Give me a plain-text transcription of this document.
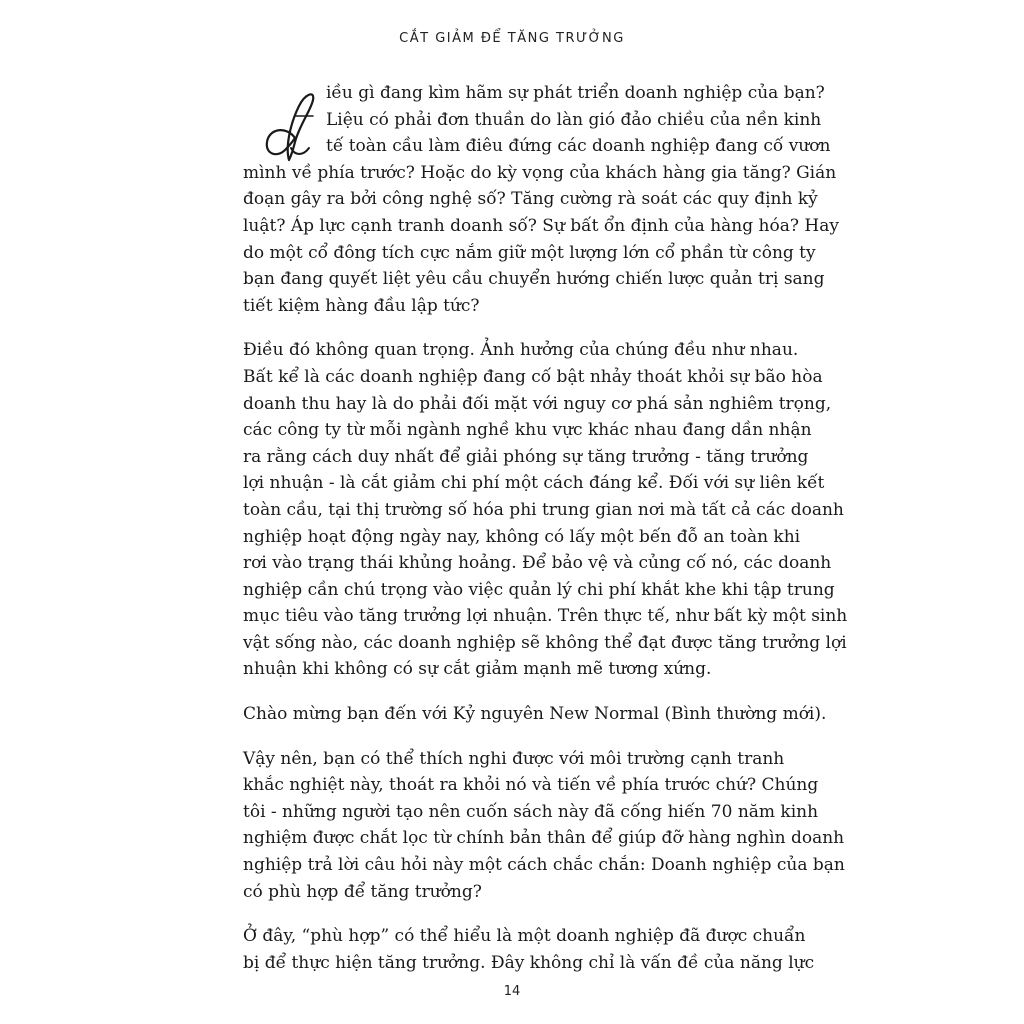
CẮT GIẢM ĐỂ TĂNG TRƯỞNG
iều gì đang kìm hãm sự phát triển doanh nghiệp của bạn?
Liệu có phải đơn thuần do làn gió đảo chiều của nền kinh
tế toàn cầu làm điêu đứng các doanh nghiệp đang cố vươn
mình về phía trước? Hoặc do kỳ vọng của khách hàng gia tăng? Gián
đoạn gây ra bởi công nghệ số? Tăng cường rà soát các quy định kỷ
luật? Áp lực cạnh tranh doanh số? Sự bất ổn định của hàng hóa? Hay
do một cổ đông tích cực nắm giữ một lượng lớn cổ phần từ công ty
bạn đang quyết liệt yêu cầu chuyển hướng chiến lược quản trị sang
tiết kiệm hàng đầu lập tức?
Điều đó không quan trọng. Ảnh hưởng của chúng đều như nhau.
Bất kể là các doanh nghiệp đang cố bật nhảy thoát khỏi sự bão hòa
doanh thu hay là do phải đối mặt với nguy cơ phá sản nghiêm trọng,
các công ty từ mỗi ngành nghề khu vực khác nhau đang dần nhận
ra rằng cách duy nhất để giải phóng sự tăng trưởng - tăng trưởng
lợi nhuận - là cắt giảm chi phí một cách đáng kể. Đối với sự liên kết
toàn cầu, tại thị trường số hóa phi trung gian nơi mà tất cả các doanh
nghiệp hoạt động ngày nay, không có lấy một bến đỗ an toàn khi
rơi vào trạng thái khủng hoảng. Để bảo vệ và củng cố nó, các doanh
nghiệp cần chú trọng vào việc quản lý chi phí khắt khe khi tập trung
mục tiêu vào tăng trưởng lợi nhuận. Trên thực tế, như bất kỳ một sinh
vật sống nào, các doanh nghiệp sẽ không thể đạt được tăng trưởng lợi
nhuận khi không có sự cắt giảm mạnh mẽ tương xứng.
Chào mừng bạn đến với Kỷ nguyên New Normal (Bình thường mới).
Vậy nên, bạn có thể thích nghi được với môi trường cạnh tranh
khắc nghiệt này, thoát ra khỏi nó và tiến về phía trước chứ? Chúng
tôi - những người tạo nên cuốn sách này đã cống hiến 70 năm kinh
nghiệm được chắt lọc từ chính bản thân để giúp đỡ hàng nghìn doanh
nghiệp trả lời câu hỏi này một cách chắc chắn: Doanh nghiệp của bạn
có phù hợp để tăng trưởng?
Ở đây, “phù hợp” có thể hiểu là một doanh nghiệp đã được chuẩn
bị để thực hiện tăng trưởng. Đây không chỉ là vấn đề của năng lực
14
